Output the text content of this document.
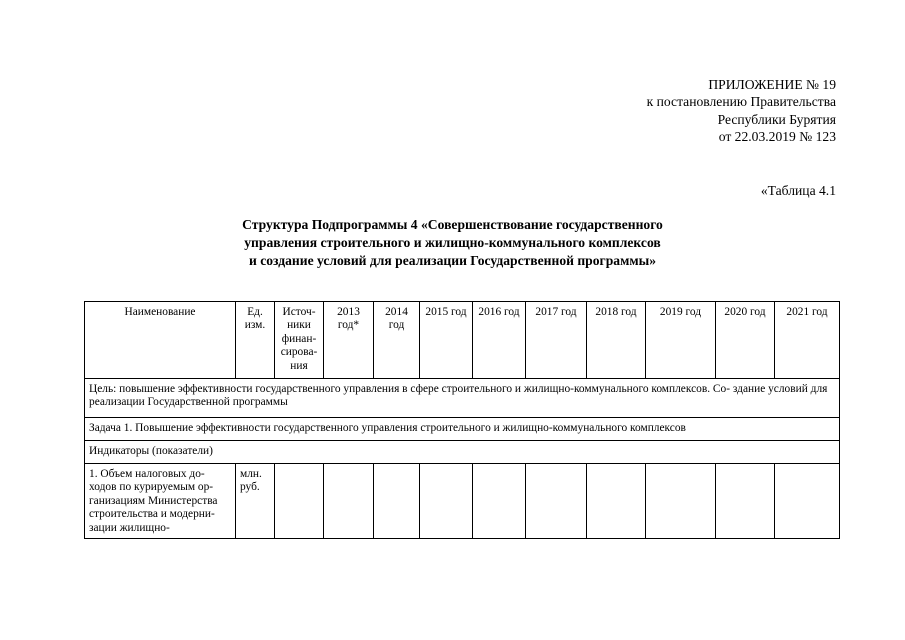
ПРИЛОЖЕНИЕ № 19
к постановлению Правительства
Республики Бурятия
от 22.03.2019 № 123
«Таблица 4.1
Структура Подпрограммы 4 «Совершенствование государственного
управления строительного и жилищно-коммунального комплексов
и создание условий для реализации Государственной программы»
Наименование	Ед. изм.	Источ- ники финан- сирова- ния	2013 год*	2014 год	2015 год	2016 год	2017 год	2018 год	2019 год	2020 год	2021 год
Цель: повышение эффективности государственного управления в сфере строительного и жилищно-коммунального комплексов. Со- здание условий для реализации Государственной программы											
Задача 1. Повышение эффективности государственного управления строительного и жилищно-коммунального комплексов											
Индикаторы (показатели)											
1. Объем налоговых до- ходов по курируемым ор- ганизациям Министерства строительства и модерни- зации жилищно-	млн. руб.										
